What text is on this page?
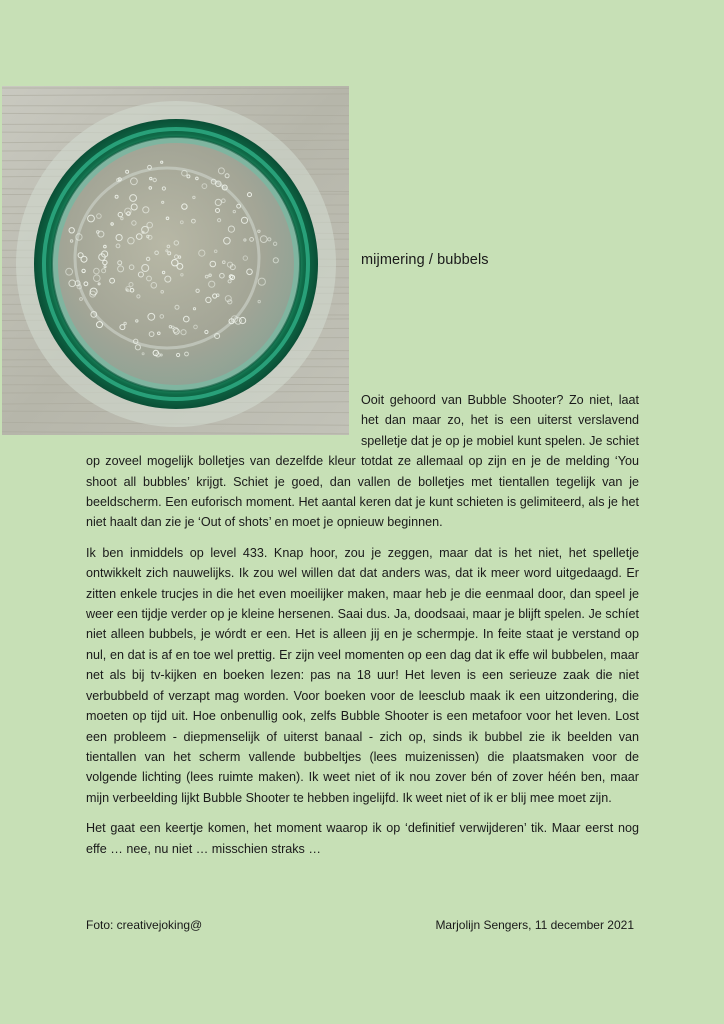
mijmering / bubbels

Ooit gehoord van Bubble Shooter? Zo niet, laat het dan maar zo, het is een uiterst verslavend spelletje dat je op je mobiel kunt spelen. Je schiet op zoveel mogelijk bolletjes van dezelfde kleur totdat ze allemaal op zijn en je de melding ‘You shoot all bubbles’ krijgt. Schiet je goed, dan vallen de bolletjes met tientallen tegelijk van je beeldscherm. Een euforisch moment. Het aantal keren dat je kunt schieten is gelimiteerd, als je het niet haalt dan zie je ‘Out of shots’ en moet je opnieuw beginnen.

Ik ben inmiddels op level 433. Knap hoor, zou je zeggen, maar dat is het niet, het spelletje ontwikkelt zich nauwelijks. Ik zou wel willen dat dat anders was, dat ik meer word uitgedaagd. Er zitten enkele trucjes in die het even moeilijker maken, maar heb je die eenmaal door, dan speel je weer een tijdje verder op je kleine hersenen. Saai dus. Ja, doodsaai, maar je blijft spelen. Je schíet niet alleen bubbels, je wórdt er een. Het is alleen jij en je schermpje. In feite staat je verstand op nul, en dat is af en toe wel prettig. Er zijn veel momenten op een dag dat ik effe wil bubbelen, maar net als bij tv-kijken en boeken lezen: pas na 18 uur! Het leven is een serieuze zaak die niet verbubbeld of verzapt mag worden. Voor boeken voor de leesclub maak ik een uitzondering, die moeten op tijd uit. Hoe onbenullig ook, zelfs Bubble Shooter is een metafoor voor het leven. Lost een probleem - diepmenselijk of uiterst banaal - zich op, sinds ik bubbel zie ik beelden van tientallen van het scherm vallende bubbeltjes (lees muizenissen) die plaatsmaken voor de volgende lichting (lees ruimte maken). Ik weet niet of ik nou zover bén of zover héén ben, maar mijn verbeelding lijkt Bubble Shooter te hebben ingelijfd. Ik weet niet of ik er blij mee moet zijn.

Het gaat een keertje komen, het moment waarop ik op ‘definitief verwijderen’ tik. Maar eerst nog effe … nee, nu niet … misschien straks …

Foto: creativejoking@	Marjolijn Sengers, 11 december 2021
